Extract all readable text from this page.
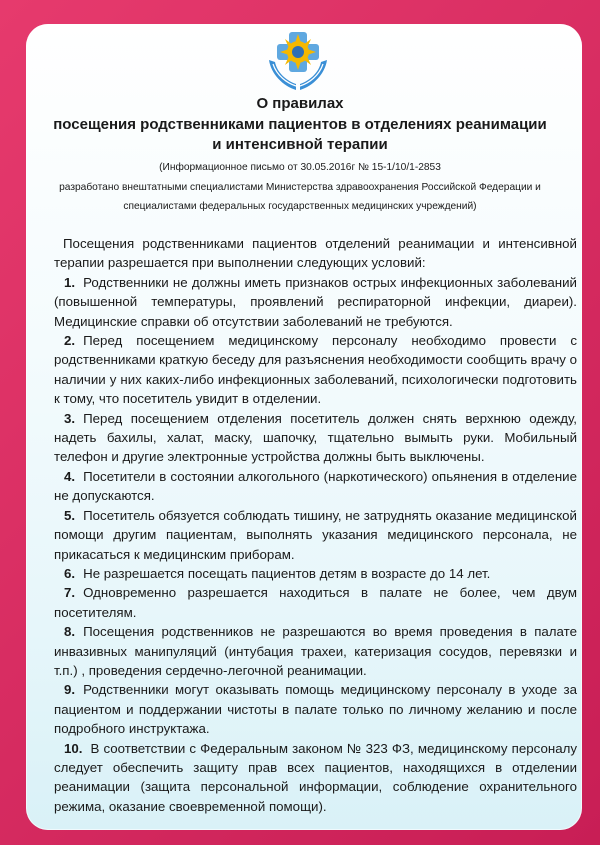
О правилах
посещения родственниками пациентов в отделениях реанимации
и интенсивной терапии
(Информационное письмо от 30.05.2016г № 15-1/10/1-2853
разработано внештатными специалистами Министерства здравоохранения Российской Федерации и
специалистами федеральных государственных медицинских учреждений)

Посещения родственниками пациентов отделений реанимации и интенсивной терапии разрешается при выполнении следующих условий:

1. Родственники не должны иметь признаков острых инфекционных заболеваний (повышенной температуры, проявлений респираторной инфекции, диареи). Медицинские справки об отсутствии заболеваний не требуются.

2. Перед посещением медицинскому персоналу необходимо провести с родственниками краткую беседу для разъяснения необходимости сообщить врачу о наличии у них каких-либо инфекционных заболеваний, психологически подготовить к тому, что посетитель увидит в отделении.

3. Перед посещением отделения посетитель должен снять верхнюю одежду, надеть бахилы, халат, маску, шапочку, тщательно вымыть руки. Мобильный телефон и другие электронные устройства должны быть выключены.

4. Посетители в состоянии алкогольного (наркотического) опьянения в отделение не допускаются.

5. Посетитель обязуется соблюдать тишину, не затруднять оказание медицинской помощи другим пациентам, выполнять указания медицинского персонала, не прикасаться к медицинским приборам.

6. Не разрешается посещать пациентов детям в возрасте до 14 лет.

7. Одновременно разрешается находиться в палате не более, чем двум посетителям.

8. Посещения родственников не разрешаются во время проведения в палате инвазивных манипуляций (интубация трахеи, катеризация сосудов, перевязки и т.п.) , проведения сердечно-легочной реанимации.

9. Родственники могут оказывать помощь медицинскому персоналу в уходе за пациентом и поддержании чистоты в палате только по личному желанию и после подробного инструктажа.

10. В соответствии с Федеральным законом № 323 ФЗ, медицинскому персоналу следует обеспечить защиту прав всех пациентов, находящихся в отделении реанимации (защита персональной информации, соблюдение охранительного режима, оказание своевременной помощи).
